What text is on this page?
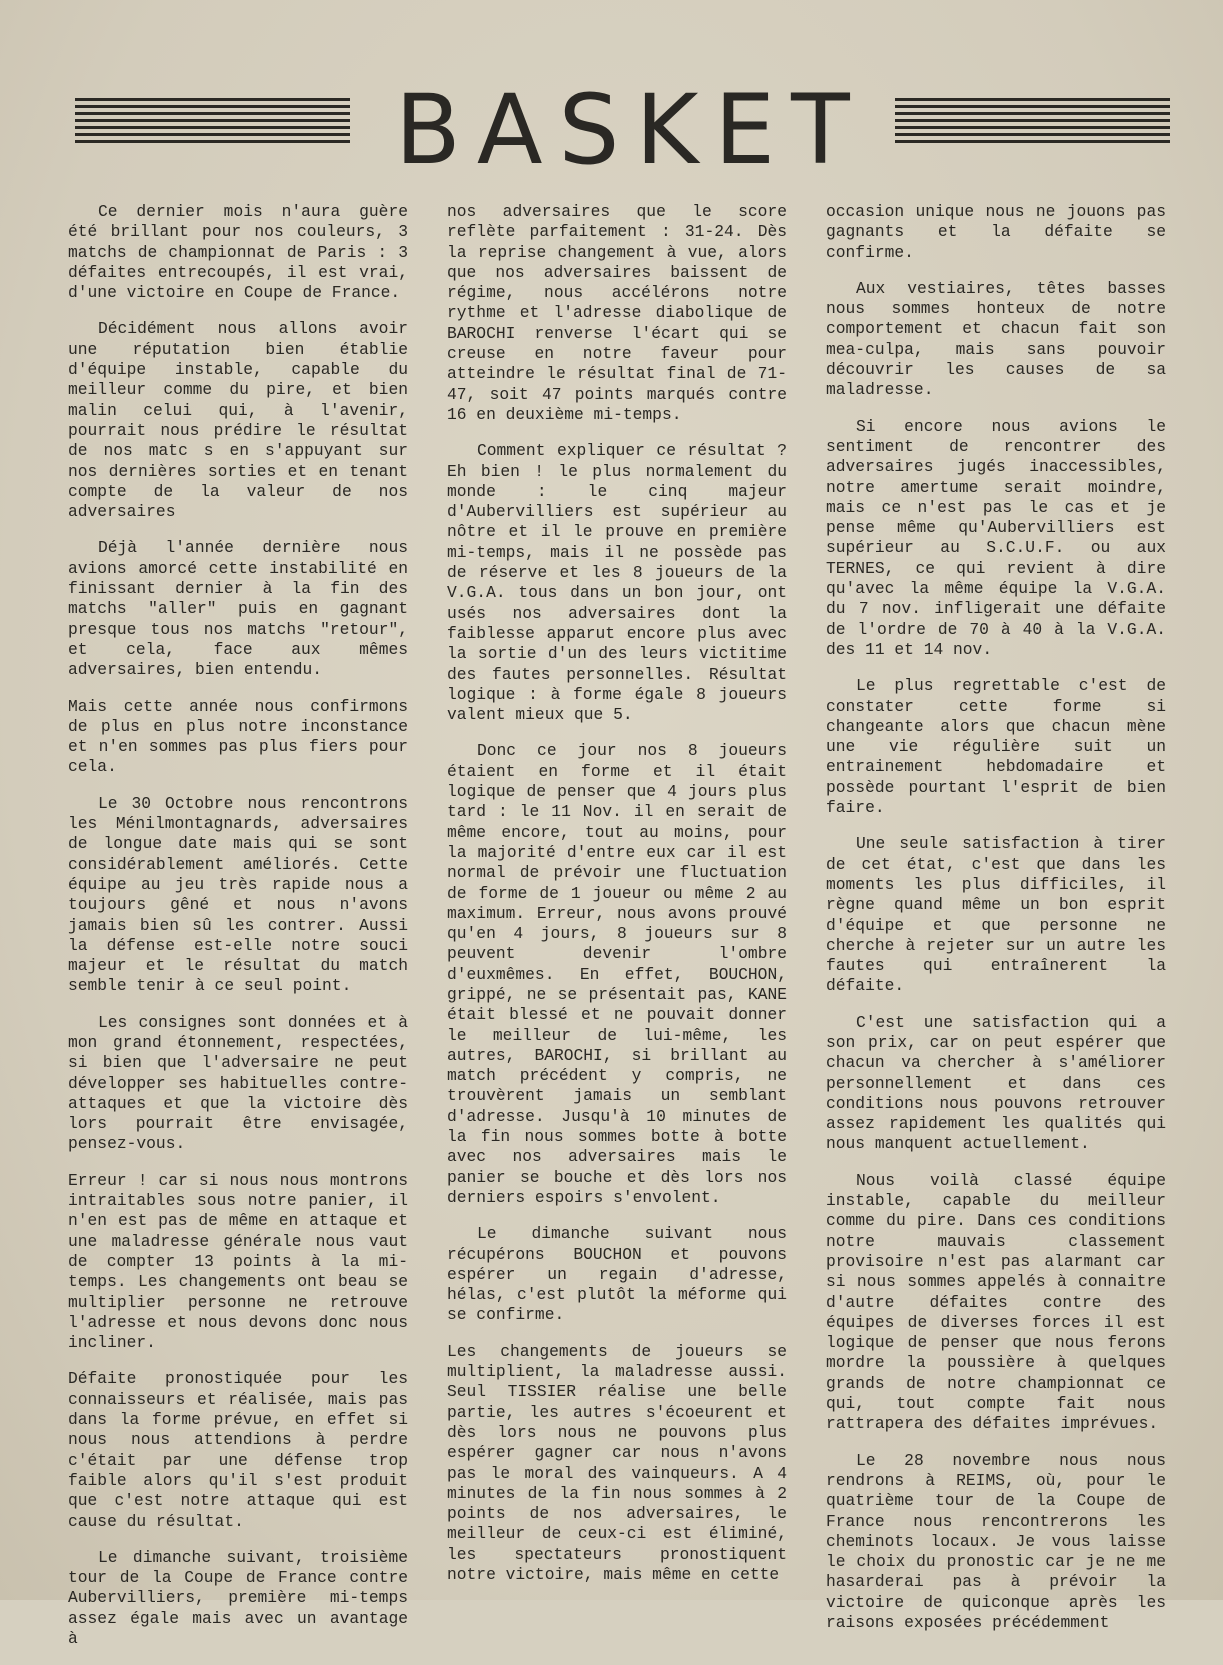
BASKET

Ce dernier mois n'aura guère été brillant pour nos couleurs, 3 matchs de championnat de Paris : 3 défaites entrecoupés, il est vrai, d'une victoire en Coupe de France.

Décidément nous allons avoir une réputation bien établie d'équipe instable, capable du meilleur comme du pire, et bien malin celui qui, à l'avenir, pourrait nous prédire le résultat de nos matc s en s'appuyant sur nos dernières sorties et en tenant compte de la valeur de nos adversaires

Déjà l'année dernière nous avions amorcé cette instabilité en finissant dernier à la fin des matchs "aller" puis en gagnant presque tous nos matchs "retour", et cela, face aux mêmes adversaires, bien entendu.

Mais cette année nous confirmons de plus en plus notre inconstance et n'en sommes pas plus fiers pour cela.

Le 30 Octobre nous rencontrons les Ménilmontagnards, adversaires de longue date mais qui se sont considérablement améliorés. Cette équipe au jeu très rapide nous a toujours gêné et nous n'avons jamais bien sû les contrer. Aussi la défense est-elle notre souci majeur et le résultat du match semble tenir à ce seul point.

Les consignes sont données et à mon grand étonnement, respectées, si bien que l'adversaire ne peut développer ses habituelles contre-attaques et que la victoire dès lors pourrait être envisagée, pensez-vous.

Erreur ! car si nous nous montrons intraitables sous notre panier, il n'en est pas de même en attaque et une maladresse générale nous vaut de compter 13 points à la mi-temps. Les changements ont beau se multiplier personne ne retrouve l'adresse et nous devons donc nous incliner.

Défaite pronostiquée pour les connaisseurs et réalisée, mais pas dans la forme prévue, en effet si nous nous attendions à perdre c'était par une défense trop faible alors qu'il s'est produit que c'est notre attaque qui est cause du résultat.

Le dimanche suivant, troisième tour de la Coupe de France contre Aubervilliers, première mi-temps assez égale mais avec un avantage à

nos adversaires que le score reflète parfaitement : 31-24. Dès la reprise changement à vue, alors que nos adversaires baissent de régime, nous accélérons notre rythme et l'adresse diabolique de BAROCHI renverse l'écart qui se creuse en notre faveur pour atteindre le résultat final de 71-47, soit 47 points marqués contre 16 en deuxième mi-temps.

Comment expliquer ce résultat ? Eh bien ! le plus normalement du monde : le cinq majeur d'Aubervilliers est supérieur au nôtre et il le prouve en première mi-temps, mais il ne possède pas de réserve et les 8 joueurs de la V.G.A. tous dans un bon jour, ont usés nos adversaires dont la faiblesse apparut encore plus avec la sortie d'un des leurs victitime des fautes personnelles. Résultat logique : à forme égale 8 joueurs valent mieux que 5.

Donc ce jour nos 8 joueurs étaient en forme et il était logique de penser que 4 jours plus tard : le 11 Nov. il en serait de même encore, tout au moins, pour la majorité d'entre eux car il est normal de prévoir une fluctuation de forme de 1 joueur ou même 2 au maximum. Erreur, nous avons prouvé qu'en 4 jours, 8 joueurs sur 8 peuvent devenir l'ombre d'euxmêmes. En effet, BOUCHON, grippé, ne se présentait pas, KANE était blessé et ne pouvait donner le meilleur de lui-même, les autres, BAROCHI, si brillant au match précédent y compris, ne trouvèrent jamais un semblant d'adresse. Jusqu'à 10 minutes de la fin nous sommes botte à botte avec nos adversaires mais le panier se bouche et dès lors nos derniers espoirs s'envolent.

Le dimanche suivant nous récupérons BOUCHON et pouvons espérer un regain d'adresse, hélas, c'est plutôt la méforme qui se confirme.

Les changements de joueurs se multiplient, la maladresse aussi. Seul TISSIER réalise une belle partie, les autres s'écoeurent et dès lors nous ne pouvons plus espérer gagner car nous n'avons pas le moral des vainqueurs. A 4 minutes de la fin nous sommes à 2 points de nos adversaires, le meilleur de ceux-ci est éliminé, les spectateurs pronostiquent notre victoire, mais même en cette

occasion unique nous ne jouons pas gagnants et la défaite se confirme.

Aux vestiaires, têtes basses nous sommes honteux de notre comportement et chacun fait son mea-culpa, mais sans pouvoir découvrir les causes de sa maladresse.

Si encore nous avions le sentiment de rencontrer des adversaires jugés inaccessibles, notre amertume serait moindre, mais ce n'est pas le cas et je pense même qu'Aubervilliers est supérieur au S.C.U.F. ou aux TERNES, ce qui revient à dire qu'avec la même équipe la V.G.A. du 7 nov. infligerait une défaite de l'ordre de 70 à 40 à la V.G.A. des 11 et 14 nov.

Le plus regrettable c'est de constater cette forme si changeante alors que chacun mène une vie régulière suit un entrainement hebdomadaire et possède pourtant l'esprit de bien faire.

Une seule satisfaction à tirer de cet état, c'est que dans les moments les plus difficiles, il règne quand même un bon esprit d'équipe et que personne ne cherche à rejeter sur un autre les fautes qui entraînerent la défaite.

C'est une satisfaction qui a son prix, car on peut espérer que chacun va chercher à s'améliorer personnellement et dans ces conditions nous pouvons retrouver assez rapidement les qualités qui nous manquent actuellement.

Nous voilà classé équipe instable, capable du meilleur comme du pire. Dans ces conditions notre mauvais classement provisoire n'est pas alarmant car si nous sommes appelés à connaitre d'autre défaites contre des équipes de diverses forces il est logique de penser que nous ferons mordre la poussière à quelques grands de notre championnat ce qui, tout compte fait nous rattrapera des défaites imprévues.

Le 28 novembre nous nous rendrons à REIMS, où, pour le quatrième tour de la Coupe de France nous rencontrerons les cheminots locaux. Je vous laisse le choix du pronostic car je ne me hasarderai pas à prévoir la victoire de quiconque après les raisons exposées précédemment
